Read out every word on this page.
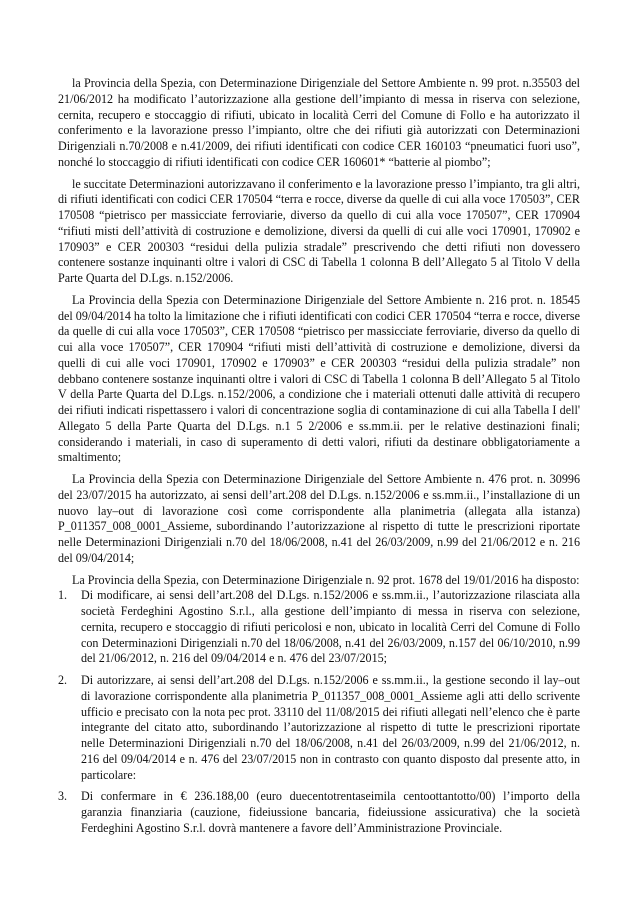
la Provincia della Spezia, con Determinazione Dirigenziale del Settore Ambiente n. 99 prot. n.35503 del 21/06/2012 ha modificato l’autorizzazione alla gestione dell’impianto di messa in riserva con selezione, cernita, recupero e stoccaggio di rifiuti, ubicato in località Cerri del Comune di Follo e ha autorizzato il conferimento e la lavorazione presso l’impianto, oltre che dei rifiuti già autorizzati con Determinazioni Dirigenziali n.70/2008 e n.41/2009, dei rifiuti identificati con codice CER 160103 “pneumatici fuori uso”, nonché lo stoccaggio di rifiuti identificati con codice CER 160601* “batterie al piombo”;

le succitate Determinazioni autorizzavano il conferimento e la lavorazione presso l’impianto, tra gli altri, di rifiuti identificati con codici CER 170504 “terra e rocce, diverse da quelle di cui alla voce 170503”, CER 170508 “pietrisco per massicciate ferroviarie, diverso da quello di cui alla voce 170507”, CER 170904 “rifiuti misti dell’attività di costruzione e demolizione, diversi da quelli di cui alle voci 170901, 170902 e 170903” e CER 200303 “residui della pulizia stradale” prescrivendo che detti rifiuti non dovessero contenere sostanze inquinanti oltre i valori di CSC di Tabella 1 colonna B dell’Allegato 5 al Titolo V della Parte Quarta del D.Lgs. n.152/2006.

La Provincia della Spezia con Determinazione Dirigenziale del Settore Ambiente n. 216 prot. n. 18545 del 09/04/2014 ha tolto la limitazione che i rifiuti identificati con codici CER 170504 “terra e rocce, diverse da quelle di cui alla voce 170503”, CER 170508 “pietrisco per massicciate ferroviarie, diverso da quello di cui alla voce 170507”, CER 170904 “rifiuti misti dell’attività di costruzione e demolizione, diversi da quelli di cui alle voci 170901, 170902 e 170903” e CER 200303 “residui della pulizia stradale” non debbano contenere sostanze inquinanti oltre i valori di CSC di Tabella 1 colonna B dell’Allegato 5 al Titolo V della Parte Quarta del D.Lgs. n.152/2006, a condizione che i materiali ottenuti dalle attività di recupero dei rifiuti indicati rispettassero i valori di concentrazione soglia di contaminazione di cui alla Tabella I dell' Allegato 5 della Parte Quarta del D.Lgs. n.1 5 2/2006 e ss.mm.ii. per le relative destinazioni finali; considerando i materiali, in caso di superamento di detti valori, rifiuti da destinare obbligatoriamente a smaltimento;

La Provincia della Spezia con Determinazione Dirigenziale del Settore Ambiente n. 476 prot. n. 30996 del 23/07/2015 ha autorizzato, ai sensi dell’art.208 del D.Lgs. n.152/2006 e ss.mm.ii., l’installazione di un nuovo lay–out di lavorazione così come corrispondente alla planimetria (allegata alla istanza) P_011357_008_0001_Assieme, subordinando l’autorizzazione al rispetto di tutte le prescrizioni riportate nelle Determinazioni Dirigenziali n.70 del 18/06/2008, n.41 del 26/03/2009, n.99 del 21/06/2012 e n. 216 del 09/04/2014;

La Provincia della Spezia, con Determinazione Dirigenziale n. 92 prot. 1678 del 19/01/2016 ha disposto:

1. Di modificare, ai sensi dell’art.208 del D.Lgs. n.152/2006 e ss.mm.ii., l’autorizzazione rilasciata alla società Ferdeghini Agostino S.r.l., alla gestione dell’impianto di messa in riserva con selezione, cernita, recupero e stoccaggio di rifiuti pericolosi e non, ubicato in località Cerri del Comune di Follo con Determinazioni Dirigenziali n.70 del 18/06/2008, n.41 del 26/03/2009, n.157 del 06/10/2010, n.99 del 21/06/2012, n. 216 del 09/04/2014 e n. 476 del 23/07/2015;
2. Di autorizzare, ai sensi dell’art.208 del D.Lgs. n.152/2006 e ss.mm.ii., la gestione secondo il lay–out di lavorazione corrispondente alla planimetria P_011357_008_0001_Assieme agli atti dello scrivente ufficio e precisato con la nota pec prot. 33110 del 11/08/2015 dei rifiuti allegati nell’elenco che è parte integrante del citato atto, subordinando l’autorizzazione al rispetto di tutte le prescrizioni riportate nelle Determinazioni Dirigenziali n.70 del 18/06/2008, n.41 del 26/03/2009, n.99 del 21/06/2012, n. 216 del 09/04/2014 e n. 476 del 23/07/2015 non in contrasto con quanto disposto dal presente atto, in particolare:
3. Di confermare in € 236.188,00 (euro duecentotrentaseimila centoottantotto/00) l’importo della garanzia finanziaria (cauzione, fideiussione bancaria, fideiussione assicurativa) che la società Ferdeghini Agostino S.r.l. dovrà mantenere a favore dell’Amministrazione Provinciale.
